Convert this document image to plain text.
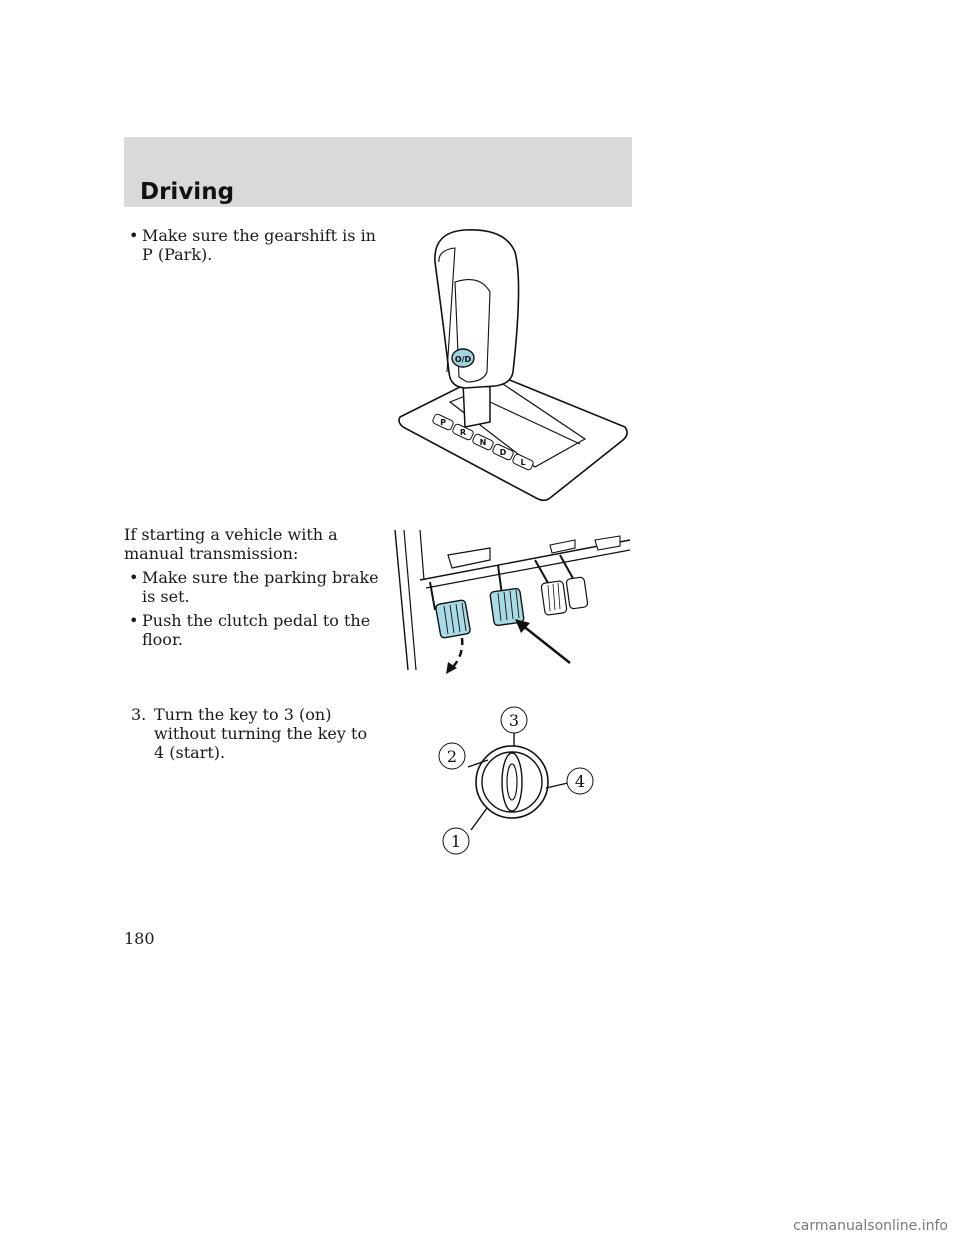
Driving
• Make sure the gearshift is in P (Park).
O/D
P
R
N
D
L
If starting a vehicle with a manual transmission:
• Make sure the parking brake is set.
• Push the clutch pedal to the floor.
3. Turn the key to 3 (on) without turning the key to 4 (start).
3
2
4
1
180
carmanualsonline.info
